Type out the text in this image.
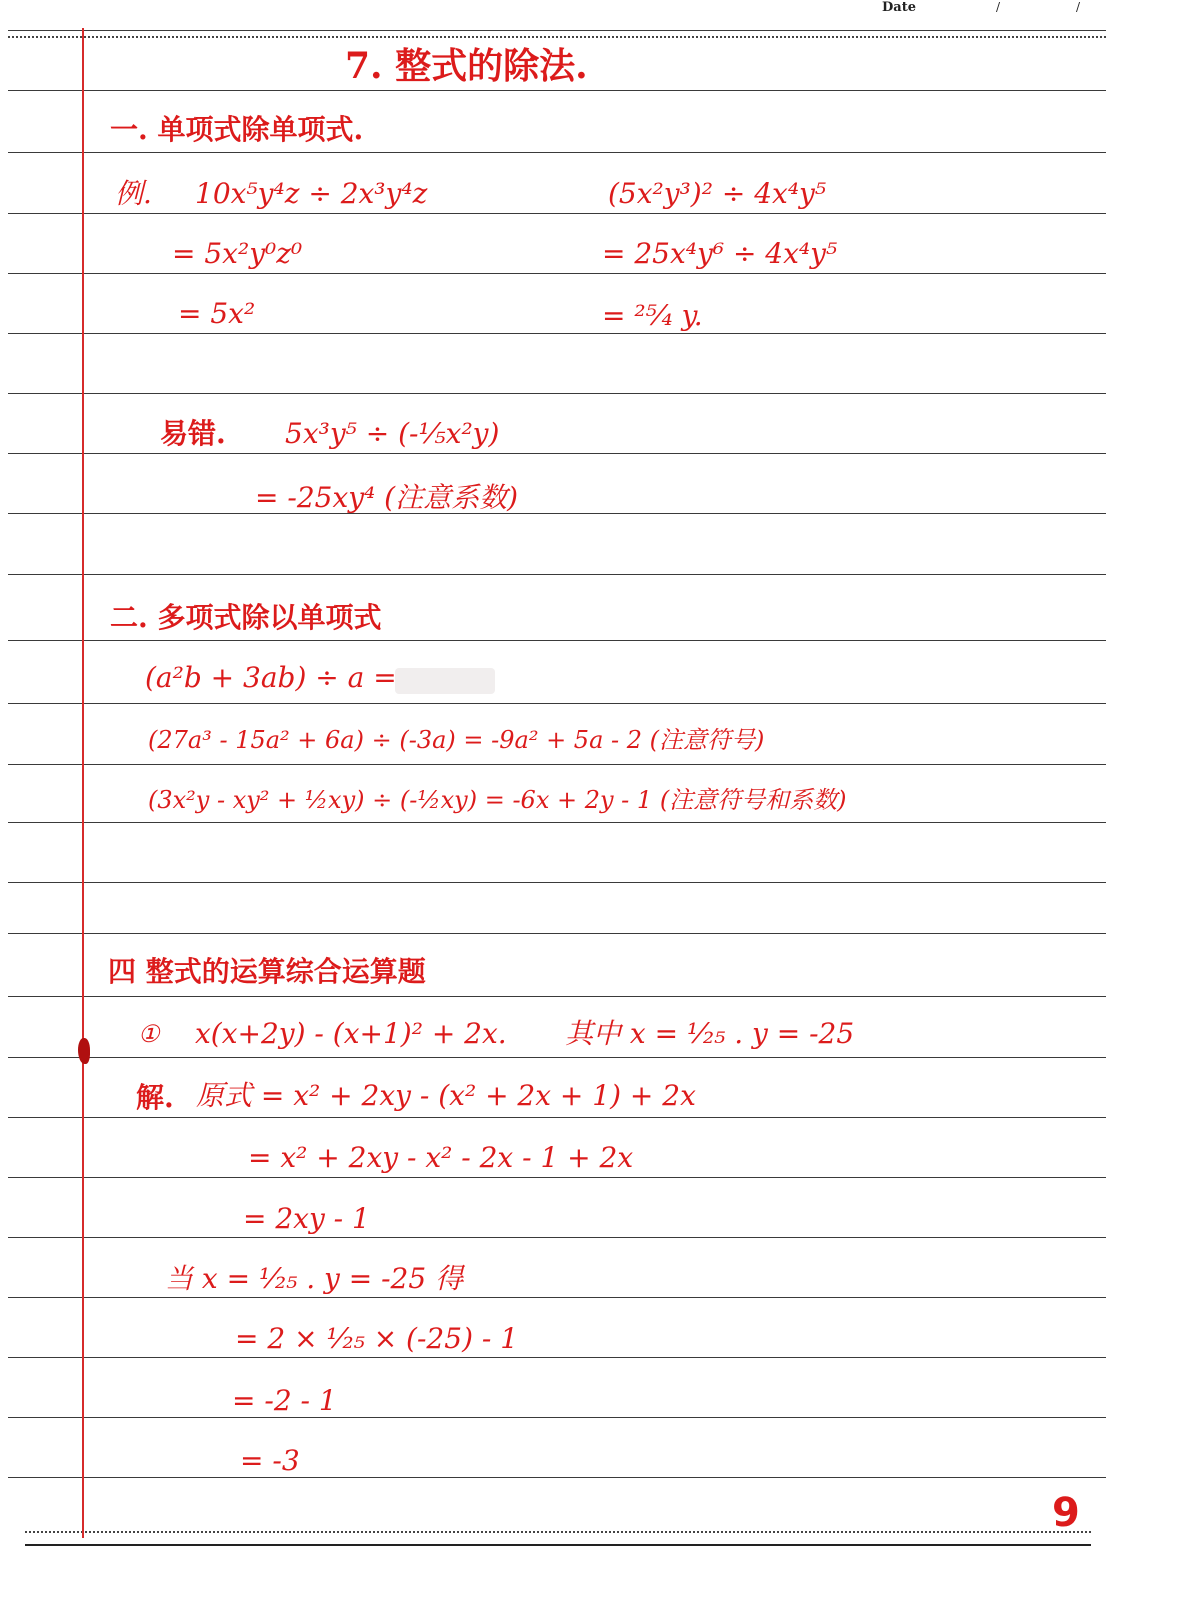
Date	/	/
7. 整式的除法.
一. 单项式除单项式.
例. 10x⁵y⁴z ÷ 2x³y⁴z
= 5x²y⁰z⁰
= 5x²
(5x²y³)² ÷ 4x⁴y⁵
= 25x⁴y⁶ ÷ 4x⁴y⁵
= ²⁵⁄₄ y.
易错. 5x³y⁵ ÷ (-⅕x²y)
= -25xy⁴ (注意系数)
二. 多项式除以单项式
(a²b + 3ab) ÷ a =
(27a³ - 15a² + 6a) ÷ (-3a) = -9a² + 5a - 2 (注意符号)
(3x²y - xy² + ½xy) ÷ (-½xy) = -6x + 2y - 1 (注意符号和系数)
四 整式的运算综合运算题
① x(x+2y) - (x+1)² + 2x. 其中 x = ¹⁄₂₅ . y = -25
解. 原式 = x² + 2xy - (x² + 2x + 1) + 2x
= x² + 2xy - x² - 2x - 1 + 2x
= 2xy - 1
当 x = ¹⁄₂₅ . y = -25 得
= 2 × ¹⁄₂₅ × (-25) - 1
= -2 - 1
= -3
9
